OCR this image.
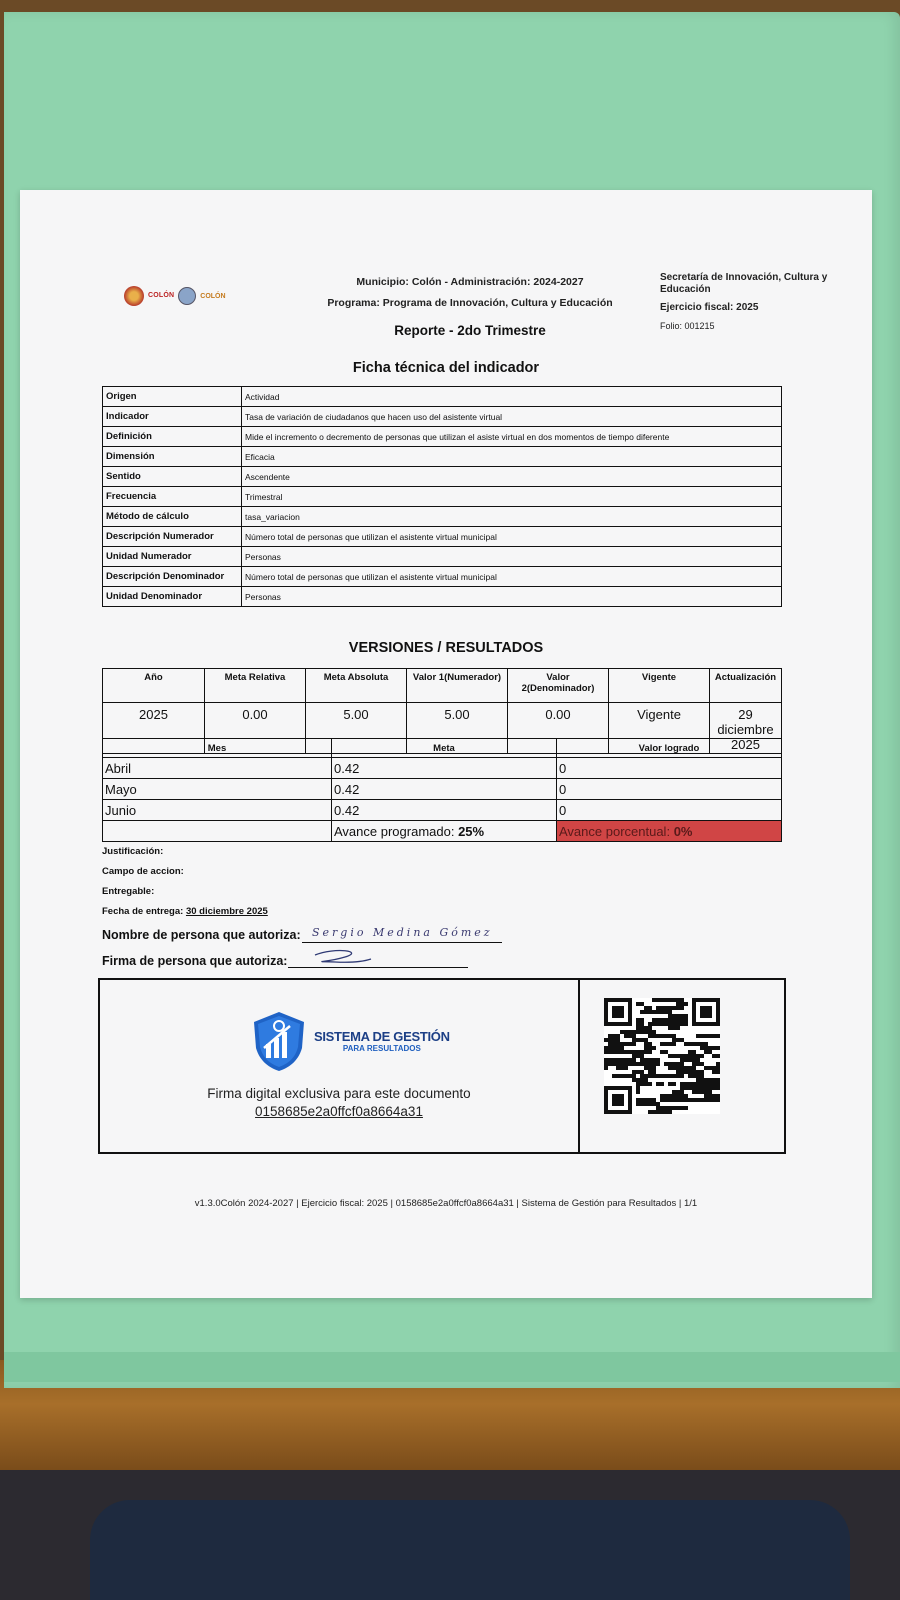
COLÓN	COLÓN
Municipio: Colón - Administración: 2024-2027
Programa: Programa de Innovación, Cultura y Educación
Reporte - 2do Trimestre
Secretaría de Innovación, Cultura y Educación
Ejercicio fiscal: 2025
Folio: 001215
Ficha técnica del indicador
Origen	Actividad
Indicador	Tasa de variación de ciudadanos que hacen uso del asistente virtual
Definición	Mide el incremento o decremento de personas que utilizan el asiste virtual en dos momentos de tiempo diferente
Dimensión	Eficacia
Sentido	Ascendente
Frecuencia	Trimestral
Método de cálculo	tasa_variacion
Descripción Numerador	Número total de personas que utilizan el asistente virtual municipal
Unidad Numerador	Personas
Descripción Denominador	Número total de personas que utilizan el asistente virtual municipal
Unidad Denominador	Personas
VERSIONES / RESULTADOS
Año	Meta Relativa	Meta Absoluta	Valor 1(Numerador)	Valor 2(Denominador)	Vigente	Actualización
2025	0.00	5.00	5.00	0.00	Vigente	29 diciembre 2025
Mes	Meta	Valor logrado
Abril	0.42	0
Mayo	0.42	0
Junio	0.42	0
	Avance programado: 25%	Avance porcentual: 0%
Justificación:
Campo de accion:
Entregable:
Fecha de entrega: 30 diciembre 2025
Nombre de persona que autoriza: Sergio Medina Gómez
Firma de persona que autoriza:
SISTEMA DE GESTIÓN
PARA RESULTADOS
Firma digital exclusiva para este documento
0158685e2a0ffcf0a8664a31
v1.3.0Colón 2024-2027 | Ejercicio fiscal: 2025 | 0158685e2a0ffcf0a8664a31 | Sistema de Gestión para Resultados | 1/1
